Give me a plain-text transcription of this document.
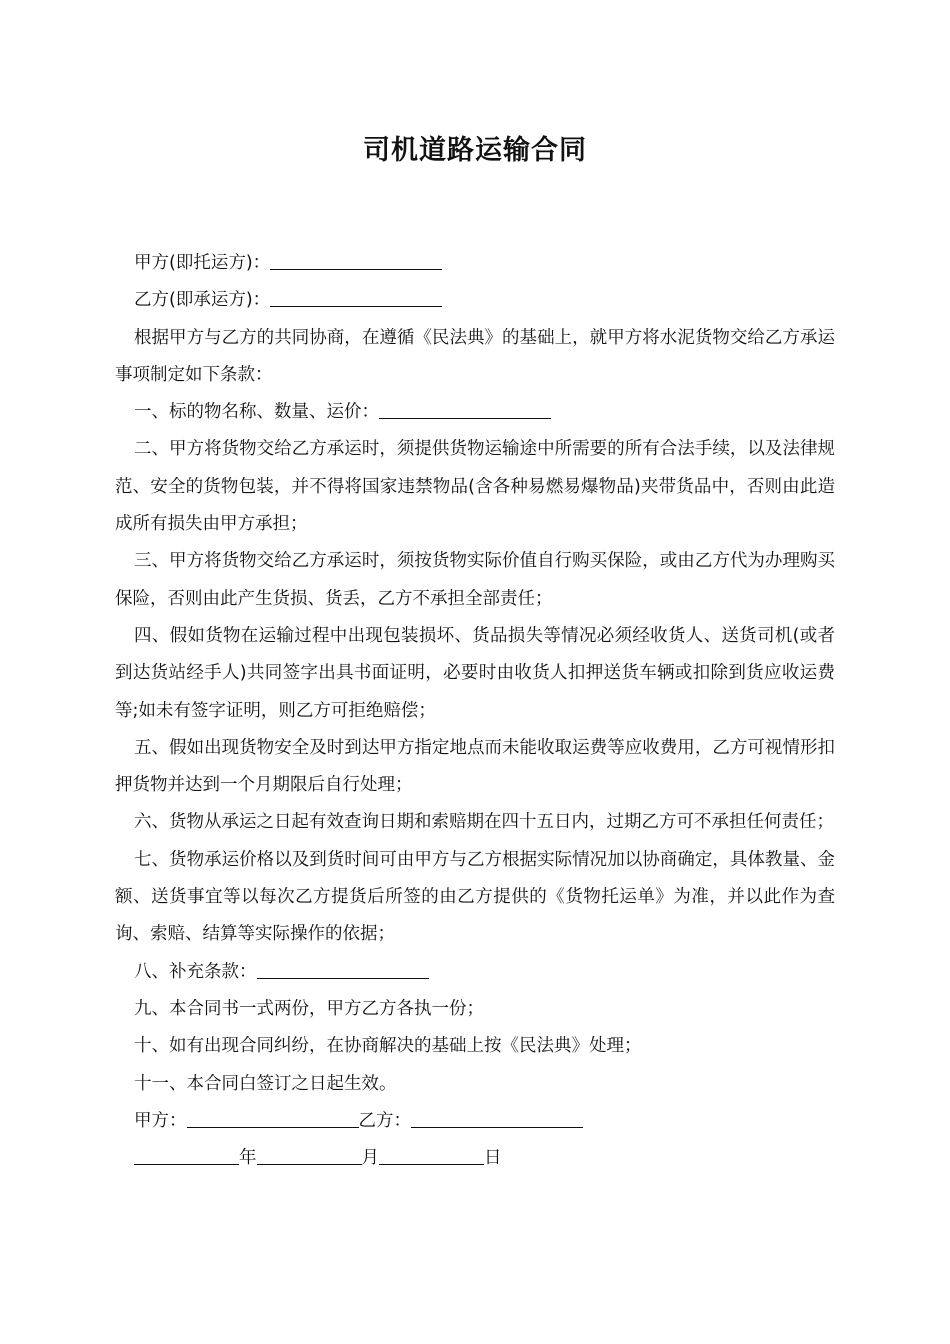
司机道路运输合同

甲方(即托运方)：

乙方(即承运方)：

根据甲方与乙方的共同协商，在遵循《民法典》的基础上，就甲方将水泥货物交给乙方承运事项制定如下条款：

一、标的物名称、数量、运价：

二、甲方将货物交给乙方承运时，须提供货物运输途中所需要的所有合法手续，以及法律规范、安全的货物包装，并不得将国家违禁物品(含各种易燃易爆物品)夹带货品中，否则由此造成所有损失由甲方承担；

三、甲方将货物交给乙方承运时，须按货物实际价值自行购买保险，或由乙方代为办理购买保险，否则由此产生货损、货丢，乙方不承担全部责任；

四、假如货物在运输过程中出现包装损坏、货品损失等情况必须经收货人、送货司机(或者到达货站经手人)共同签字出具书面证明，必要时由收货人扣押送货车辆或扣除到货应收运费等;如未有签字证明，则乙方可拒绝赔偿；

五、假如出现货物安全及时到达甲方指定地点而未能收取运费等应收费用，乙方可视情形扣押货物并达到一个月期限后自行处理；

六、货物从承运之日起有效查询日期和索赔期在四十五日内，过期乙方可不承担任何责任；

七、货物承运价格以及到货时间可由甲方与乙方根据实际情况加以协商确定，具体教量、金额、送货事宜等以每次乙方提货后所签的由乙方提供的《货物托运单》为准，并以此作为查询、索赔、结算等实际操作的依据；

八、补充条款：

九、本合同书一式两份，甲方乙方各执一份；

十、如有出现合同纠纷，在协商解决的基础上按《民法典》处理；

十一、本合同白签订之日起生效。

甲方：	乙方：

年	月	日
